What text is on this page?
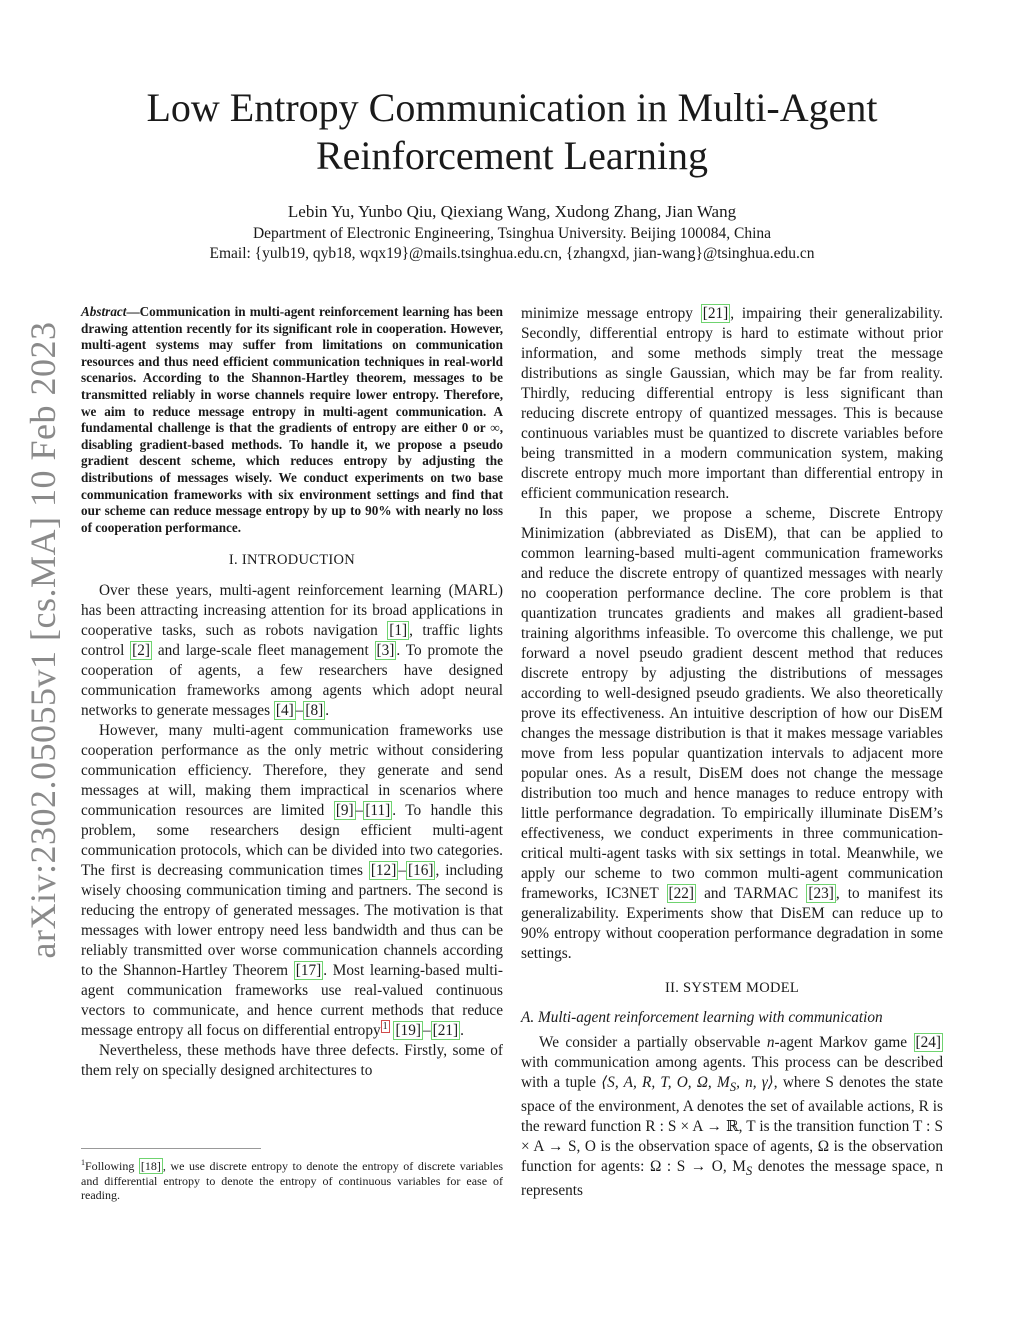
arXiv:2302.05055v1 [cs.MA] 10 Feb 2023
Low Entropy Communication in Multi-Agent Reinforcement Learning
Lebin Yu, Yunbo Qiu, Qiexiang Wang, Xudong Zhang, Jian Wang
Department of Electronic Engineering, Tsinghua University. Beijing 100084, China
Email: {yulb19, qyb18, wqx19}@mails.tsinghua.edu.cn, {zhangxd, jian-wang}@tsinghua.edu.cn

Abstract—Communication in multi-agent reinforcement learning has been drawing attention recently for its significant role in cooperation. However, multi-agent systems may suffer from limitations on communication resources and thus need efficient communication techniques in real-world scenarios. According to the Shannon-Hartley theorem, messages to be transmitted reliably in worse channels require lower entropy. Therefore, we aim to reduce message entropy in multi-agent communication. A fundamental challenge is that the gradients of entropy are either 0 or ∞, disabling gradient-based methods. To handle it, we propose a pseudo gradient descent scheme, which reduces entropy by adjusting the distributions of messages wisely. We conduct experiments on two base communication frameworks with six environment settings and find that our scheme can reduce message entropy by up to 90% with nearly no loss of cooperation performance.

I. INTRODUCTION

Over these years, multi-agent reinforcement learning (MARL) has been attracting increasing attention for its broad applications in cooperative tasks, such as robots navigation [1] , traffic lights control [2] and large-scale fleet management [3] . To promote the cooperation of agents, a few researchers have designed communication frameworks among agents which adopt neural networks to generate messages [4] – [8] .

However, many multi-agent communication frameworks use cooperation performance as the only metric without considering communication efficiency. Therefore, they generate and send messages at will, making them impractical in scenarios where communication resources are limited [9] – [11] . To handle this problem, some researchers design efficient multi-agent communication protocols, which can be divided into two categories. The first is decreasing communication times [12] – [16] , including wisely choosing communication timing and partners. The second is reducing the entropy of generated messages. The motivation is that messages with lower entropy need less bandwidth and thus can be reliably transmitted over worse communication channels according to the Shannon-Hartley Theorem [17] . Most learning-based multi-agent communication frameworks use real-valued continuous vectors to communicate, and hence current methods that reduce message entropy all focus on differential entropy $^1$ [19] – [21] .

Nevertheless, these methods have three defects. Firstly, some of them rely on specially designed architectures to

$^1$Following [18] , we use discrete entropy to denote the entropy of discrete variables and differential entropy to denote the entropy of continuous variables for ease of reading.

minimize message entropy [21] , impairing their generalizability. Secondly, differential entropy is hard to estimate without prior information, and some methods simply treat the message distributions as single Gaussian, which may be far from reality. Thirdly, reducing differential entropy is less significant than reducing discrete entropy of quantized messages. This is because continuous variables must be quantized to discrete variables before being transmitted in a modern communication system, making discrete entropy much more important than differential entropy in efficient communication research.

In this paper, we propose a scheme, Discrete Entropy Minimization (abbreviated as DisEM), that can be applied to common learning-based multi-agent communication frameworks and reduce the discrete entropy of quantized messages with nearly no cooperation performance decline. The core problem is that quantization truncates gradients and makes all gradient-based training algorithms infeasible. To overcome this challenge, we put forward a novel pseudo gradient descent method that reduces discrete entropy by adjusting the distributions of messages according to well-designed pseudo gradients. We also theoretically prove its effectiveness. An intuitive description of how our DisEM changes the message distribution is that it makes message variables move from less popular quantization intervals to adjacent more popular ones. As a result, DisEM does not change the message distribution too much and hence manages to reduce entropy with little performance degradation. To empirically illuminate DisEM’s effectiveness, we conduct experiments in three communication-critical multi-agent tasks with six settings in total. Meanwhile, we apply our scheme to two common multi-agent communication frameworks, IC3NET [22] and TARMAC [23] , to manifest its generalizability. Experiments show that DisEM can reduce up to 90% entropy without cooperation performance degradation in some settings.

II. SYSTEM MODEL
A. Multi-agent reinforcement learning with communication

We consider a partially observable n-agent Markov game [24] with communication among agents. This process can be described with a tuple ⟨S, A, R, T, O, Ω, $M_S$, n, γ⟩, where S denotes the state space of the environment, A denotes the set of available actions, R is the reward function R : S × A → ℝ, T is the transition function T : S × A → S, O is the observation space of agents, Ω is the observation function for agents: Ω : S → O, $M_S$ denotes the message space, n represents
